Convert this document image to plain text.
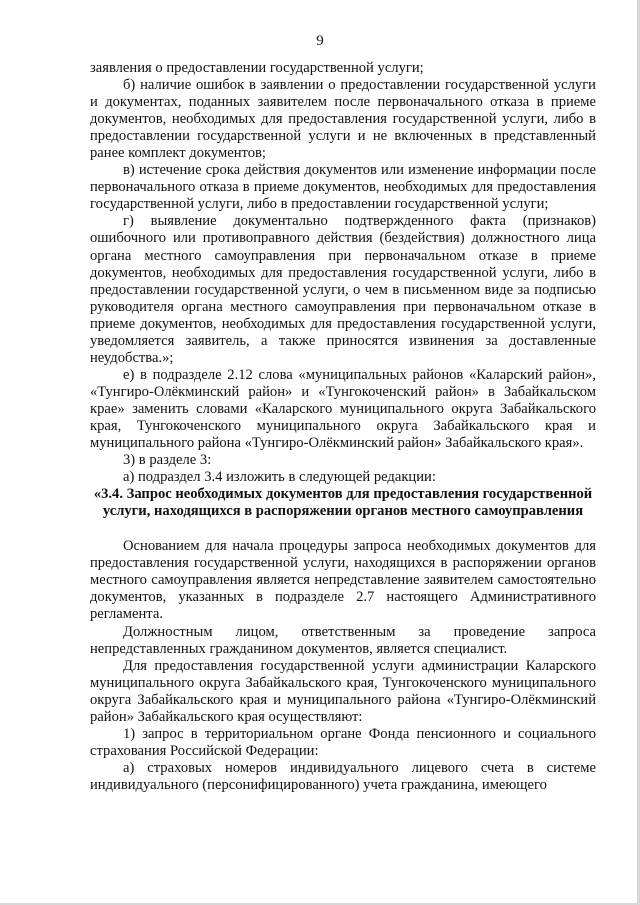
9

заявления о предоставлении государственной услуги;

б) наличие ошибок в заявлении о предоставлении государственной услуги и документах, поданных заявителем после первоначального отказа в приеме документов, необходимых для предоставления государственной услуги, либо в предоставлении государственной услуги и не включенных в представленный ранее комплект документов;

в) истечение срока действия документов или изменение информации после первоначального отказа в приеме документов, необходимых для предоставления государственной услуги, либо в предоставлении государственной услуги;

г) выявление документально подтвержденного факта (признаков) ошибочного или противоправного действия (бездействия) должностного лица органа местного самоуправления при первоначальном отказе в приеме документов, необходимых для предоставления государственной услуги, либо в предоставлении государственной услуги, о чем в письменном виде за подписью руководителя органа местного самоуправления при первоначальном отказе в приеме документов, необходимых для предоставления государственной услуги, уведомляется заявитель, а также приносятся извинения за доставленные неудобства.»;

е) в подразделе 2.12 слова «муниципальных районов «Каларский район», «Тунгиро-Олёкминский район» и «Тунгокоченский район» в Забайкальском крае» заменить словами «Каларского муниципального округа Забайкальского края, Тунгокоченского муниципального округа Забайкальского края и муниципального района «Тунгиро-Олёкминский район» Забайкальского края».

3) в разделе 3:

а) подраздел 3.4 изложить в следующей редакции:

«3.4. Запрос необходимых документов для предоставления государственной услуги, находящихся в распоряжении органов местного самоуправления

Основанием для начала процедуры запроса необходимых документов для предоставления государственной услуги, находящихся в распоряжении органов местного самоуправления является непредставление заявителем самостоятельно документов, указанных в подразделе 2.7 настоящего Административного регламента.

Должностным лицом, ответственным за проведение запроса непредставленных гражданином документов, является специалист.

Для предоставления государственной услуги администрации Каларского муниципального округа Забайкальского края, Тунгокоченского муниципального округа Забайкальского края и муниципального района «Тунгиро-Олёкминский район» Забайкальского края осуществляют:

1) запрос в территориальном органе Фонда пенсионного и социального страхования Российской Федерации:

а) страховых номеров индивидуального лицевого счета в системе индивидуального (персонифицированного) учета гражданина, имеющего
